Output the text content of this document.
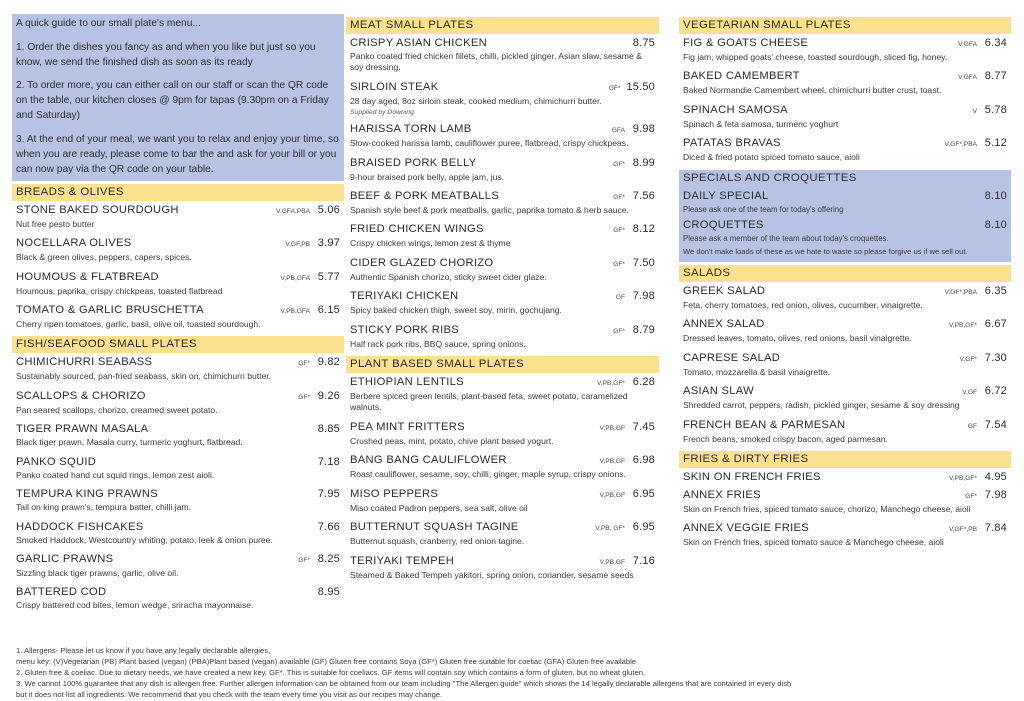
A quick guide to our small plate's menu...

1. Order the dishes you fancy as and when you like but just so you know, we send the finished dish as soon as its ready

2. To order more, you can either call on our staff or scan the QR code on the table, our kitchen closes @ 9pm for tapas (9.30pm on a Friday and Saturday)

3. At the end of your meal, we want you to relax and enjoy your time, so when you are ready, please come to bar the and ask for your bill or you can now pay via the QR code on your table.

BREADS & OLIVES
STONE BAKED SOURDOUGH	V,GFA,PBA 5.06
Nut free pesto butter
NOCELLARA OLIVES	V,GF,PB 3.97
Black & green olives, peppers, capers, spices.
HOUMOUS & FLATBREAD	V,PB,GFA 5.77
Houmous, paprika, crispy chickpeas, toasted flatbread
TOMATO & GARLIC BRUSCHETTA	V,PB,GFA 6.15
Cherry ripen tomatoes, garlic, basil, olive oil, toasted sourdough.
FISH/SEAFOOD SMALL PLATES
CHIMICHURRI SEABASS	GF* 9.82
Sustainably sourced, pan-fried seabass, skin on, chimichurri butter.
SCALLOPS & CHORIZO	GF* 9.26
Pan seared scallops, chorizo, creamed sweet potato.
TIGER PRAWN MASALA	8.85
Black tiger prawn, Masala curry, turmeric yoghurt, flatbread.
PANKO SQUID	7.18
Panko coated hand cut squid rings, lemon zest aioli.
TEMPURA KING PRAWNS	7.95
Tail on king prawn's, tempura batter, chilli jam.
HADDOCK FISHCAKES	7.66
Smoked Haddock, Westcountry whiting, potato, leek & onion puree.
GARLIC PRAWNS	GF* 8.25
Sizzling black tiger prawns, garlic, olive oil.
BATTERED COD	8.95
Crispy battered cod bites, lemon wedge, sriracha mayonnaise.
MEAT SMALL PLATES
CRISPY ASIAN CHICKEN	8.75
Panko coated fried chicken fillets, chilli, pickled ginger, Asian slaw, sesame & soy dressing.
SIRLOIN STEAK	GF* 15.50
28 day aged, 8oz sirloin steak, cooked medium, chimichurri butter.
Supplied by Downing
HARISSA TORN LAMB	GFA 9.98
Slow-cooked harissa lamb, cauliflower puree, flatbread, crispy chickpeas.
BRAISED PORK BELLY	GF* 8.99
9-hour braised pork belly, apple jam, jus.
BEEF & PORK MEATBALLS	GF* 7.56
Spanish style beef & pork meatballs, garlic, paprika tomato & herb sauce.
FRIED CHICKEN WINGS	GF* 8.12
Crispy chicken wings, lemon zest & thyme
CIDER GLAZED CHORIZO	GF* 7.50
Authentic Spanish chorizo, sticky sweet cider glaze.
TERIYAKI CHICKEN	GF 7.98
Spicy baked chicken thigh, sweet soy, mirin, gochujang.
STICKY PORK RIBS	GF* 8.79
Half rack pork ribs, BBQ sauce, spring onions.
PLANT BASED SMALL PLATES
ETHIOPIAN LENTILS	V,PB,GF* 6.28
Berbere spiced green lentils, plant-based feta, sweet potato, caramelized walnuts.
PEA MINT FRITTERS	V,PB,GF 7.45
Crushed peas, mint, potato, chive plant based yogurt.
BANG BANG CAULIFLOWER	V,PB,GF 6.98
Roast cauliflower, sesame, soy, chilli, ginger, maple syrup, crispy onions.
MISO PEPPERS	V,PB,GF 6.95
Miso coated Padron peppers, sea salt, olive oil
BUTTERNUT SQUASH TAGINE	V,PB, GF* 6.95
Butternut squash, cranberry, red onion tagine.
TERIYAKI TEMPEH	V,PB,GF 7.16
Steamed & Baked Tempeh yakitori, spring onion, coriander, sesame seeds
VEGETARIAN SMALL PLATES
FIG & GOATS CHEESE	V,GFA 6.34
Fig jam, whipped goats' cheese, toasted sourdough, sliced fig, honey.
BAKED CAMEMBERT	V,GFA 8.77
Baked Normandie Camembert wheel, chimichurri butter crust, toast.
SPINACH SAMOSA	V 5.78
Spinach & feta samosa, turmeric yoghurt
PATATAS BRAVAS	V,GF*,PBA 5.12
Diced & fried potato spiced tomato sauce, aioli
SPECIALS AND CROQUETTES
DAILY SPECIAL	8.10
Please ask one of the team for today's offering
CROQUETTES	8.10
Please ask a member of the team about today's croquettes.
We don't make loads of these as we hate to waste so please forgive us if we sell out.
SALADS
GREEK SALAD	V,GF*,PBA 6.35
Feta, cherry tomatoes, red onion, olives, cucumber, vinaigrette.
ANNEX SALAD	V,PB,GF* 6.67
Dressed leaves, tomato, olives, red onions, basil vinaigrette.
CAPRESE SALAD	V,GF* 7.30
Tomato, mozzarella & basil vinaigrette.
ASIAN SLAW	V,GF 6.72
Shredded carrot, peppers, radish, pickled ginger, sesame & soy dressing
FRENCH BEAN & PARMESAN	GF 7.54
French beans, smoked crispy bacon, aged parmesan.
FRIES & DIRTY FRIES
SKIN ON FRENCH FRIES	V,PB,GF* 4.95
ANNEX FRIES	GF* 7.98
Skin on French fries, spiced tomato sauce, chorizo, Manchego cheese, aioli
ANNEX VEGGIE FRIES	V,GF*,PB 7.84
Skin on French fries, spiced tomato sauce & Manchego cheese, aioli

1. Allergens- Please let us know if you have any legally declarable allergies,

menu key: (V)Vegetarian (PB) Plant based (vegan) (PBA)Plant based (vegan) available (GF) Gluten free contains Soya (GF*) Gluten free suitable for coeliac (GFA) Gluten free available

2. Gluten free & coeliac. Due to dietary needs, we have created a new key, GF*. This is suitable for coeliacs. GF items will contain soy which contains a form of gluten, but no wheat gluten.

3. We cannot 100% guarantee that any dish is allergen free. Further allergen information can be obtained from our team including "The Allergen guide" which shows the 14 legally declarable allergens that are contained in every dish

but it does not list all ingredients. We recommend that you check with the team every time you visit as our recipes may change.
